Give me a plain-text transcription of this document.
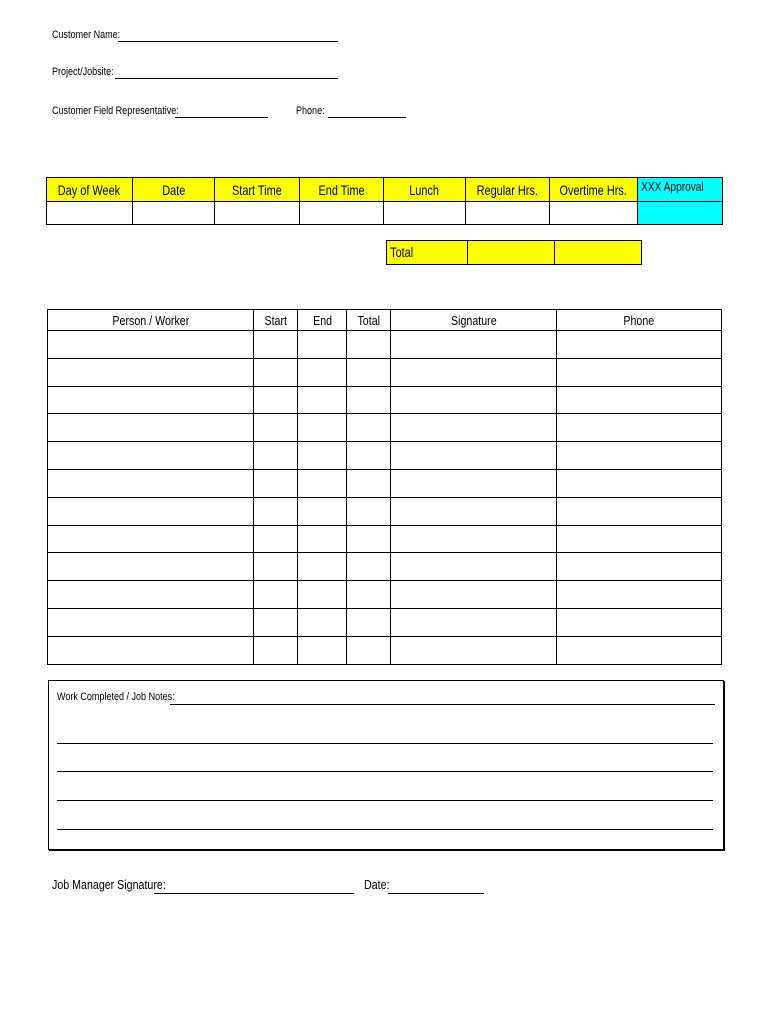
Customer Name:
Project/Jobsite:
Customer Field Representative:	Phone:
Day of Week	Date	Start Time	End Time	Lunch	Regular Hrs.	Overtime Hrs.	XXX Approval

Total		
Person / Worker	Start	End	Total	Signature	Phone

Work Completed / Job Notes:
Job Manager Signature:	Date:
